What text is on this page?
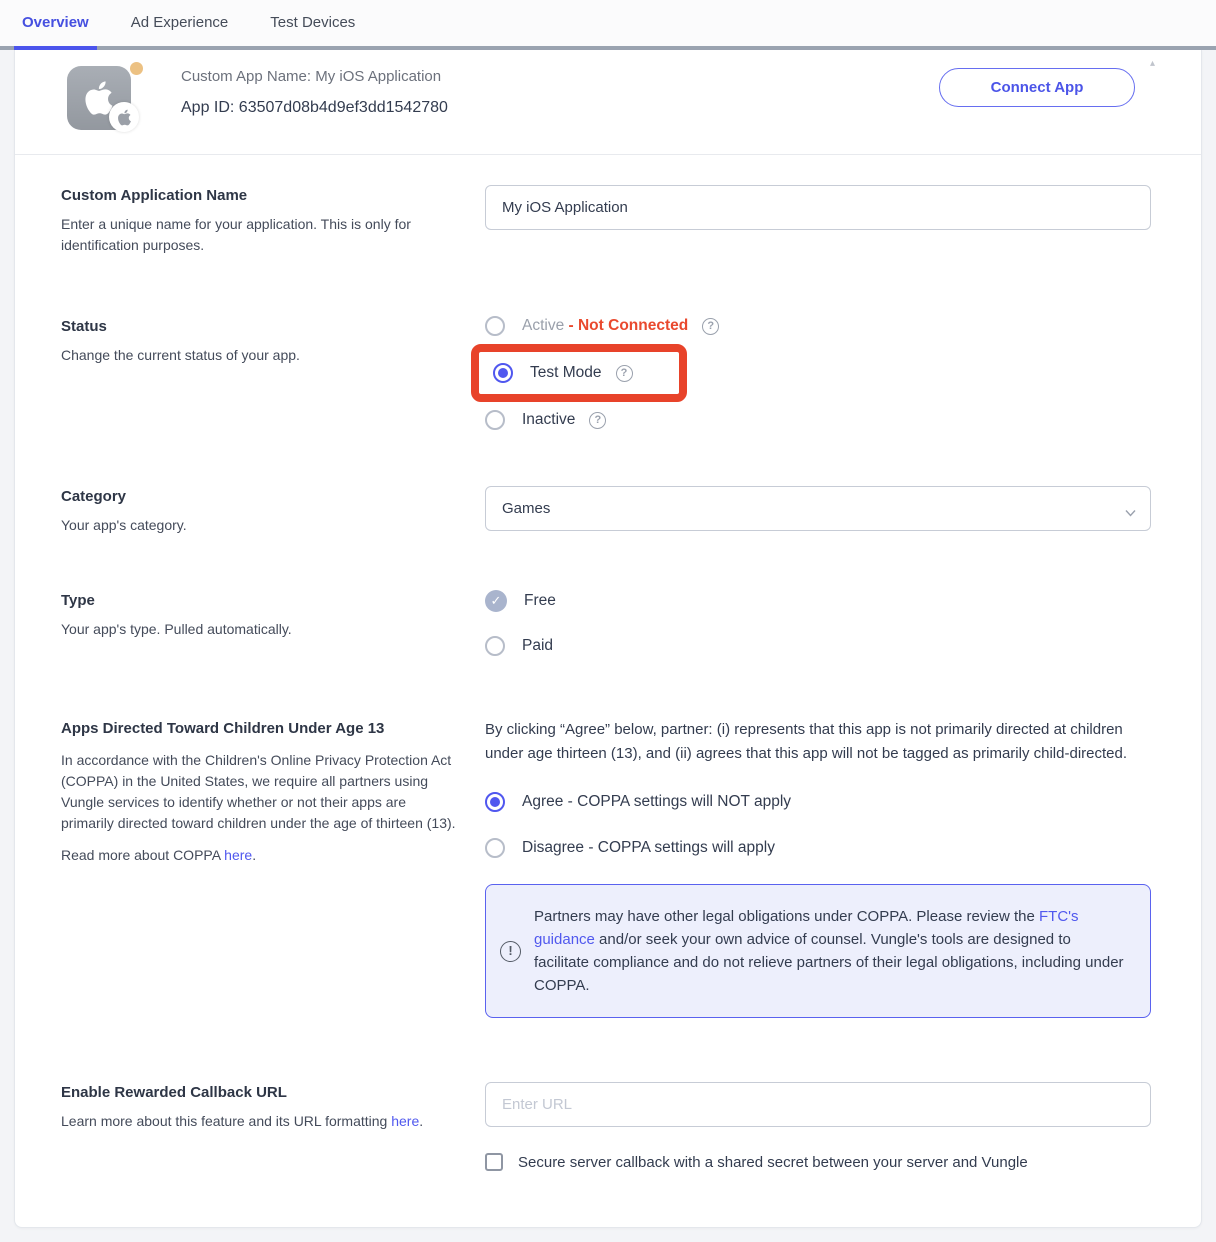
Overview	Ad Experience	Test Devices
Custom App Name: My iOS Application
App ID: 63507d08b4d9ef3dd1542780
Connect App
▴
Custom Application Name
Enter a unique name for your application. This is only for identification purposes.
My iOS Application
Status
Change the current status of your app.
Active - Not Connected	?
Test Mode	?
Inactive	?
Category
Your app's category.
Games
Type
Your app's type. Pulled automatically.
✓	Free
Paid
Apps Directed Toward Children Under Age 13
In accordance with the Children's Online Privacy Protection Act (COPPA) in the United States, we require all partners using Vungle services to identify whether or not their apps are primarily directed toward children under the age of thirteen (13).
Read more about COPPA here.
By clicking “Agree” below, partner: (i) represents that this app is not primarily directed at children under age thirteen (13), and (ii) agrees that this app will not be tagged as primarily child-directed.
Agree - COPPA settings will NOT apply
Disagree - COPPA settings will apply
!
Partners may have other legal obligations under COPPA. Please review the FTC's guidance and/or seek your own advice of counsel. Vungle's tools are designed to facilitate compliance and do not relieve partners of their legal obligations, including under COPPA.
Enable Rewarded Callback URL
Learn more about this feature and its URL formatting here.
Enter URL
Secure server callback with a shared secret between your server and Vungle
